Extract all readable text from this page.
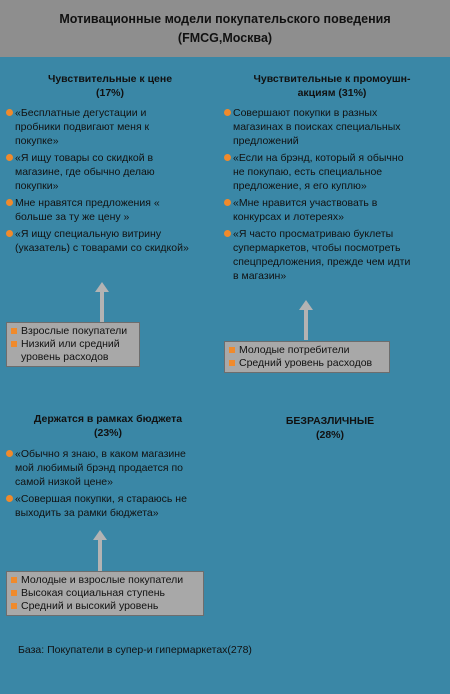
Мотивационные модели покупательского поведения
(FMCG,Москва)
Чувствительные к цене
(17%)
«Бесплатные дегустации и пробники подвигают меня к покупке»
«Я ищу товары со скидкой в магазине, где обычно делаю покупки»
Мне нравятся предложения « больше за ту же цену »
«Я ищу специальную витрину (указатель) с товарами со скидкой»
Взрослые покупатели
Низкий или средний уровень расходов
Чувствительные к промоушн-
акциям (31%)
Совершают покупки в разных магазинах в поисках специальных предложений
«Если на брэнд, который я обычно не покупаю, есть специальное предложение, я его куплю»
«Мне нравится участвовать в конкурсах и лотереях»
«Я часто просматриваю буклеты супермаркетов, чтобы посмотреть спецпредложения, прежде чем идти в магазин»
Молодые потребители
Средний уровень расходов
Держатся в рамках бюджета
(23%)
«Обычно я знаю, в каком магазине мой любимый брэнд продается по самой низкой цене»
«Совершая покупки, я стараюсь не выходить за рамки бюджета»
Молодые и взрослые покупатели
Высокая социальная ступень
Средний и высокий уровень
БЕЗРАЗЛИЧНЫЕ
(28%)
База: Покупатели в супер-и гипермаркетах(278)
